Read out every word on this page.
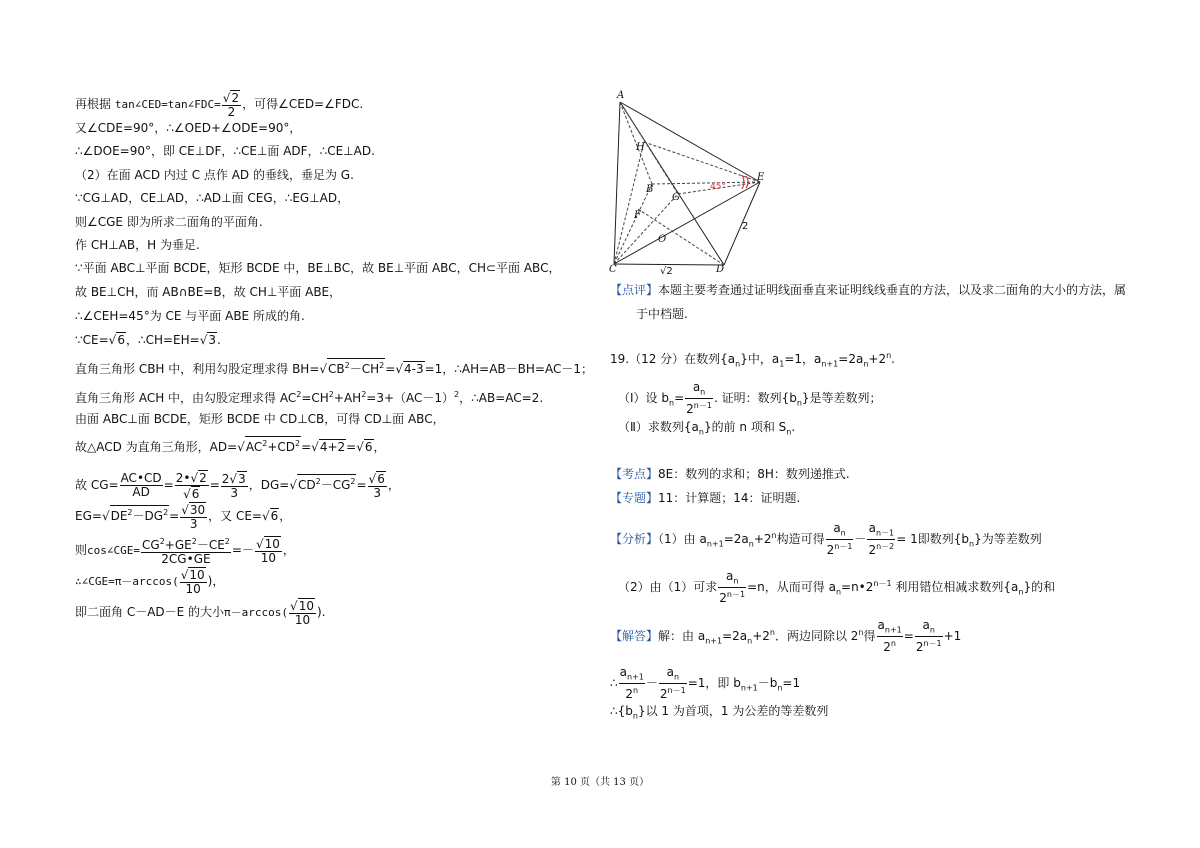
再根据 tan∠CED=tan∠FDC= $\frac{√2}{2}$ ，可得∠CED=∠FDC.
又∠CDE=90°，∴∠OED+∠ODE=90°，
∴∠DOE=90°，即 CE⊥DF，∴CE⊥面 ADF，∴CE⊥AD.
（2）在面 ACD 内过 C 点作 AD 的垂线，垂足为 G.
∵CG⊥AD，CE⊥AD，∴AD⊥面 CEG，∴EG⊥AD，
则∠CGE 即为所求二面角的平面角.
作 CH⊥AB，H 为垂足.
∵平面 ABC⊥平面 BCDE，矩形 BCDE 中，BE⊥BC，故 BE⊥平面 ABC，CH⊂平面 ABC，
故 BE⊥CH，而 AB∩BE=B，故 CH⊥平面 ABE，
∴∠CEH=45°为 CE 与平面 ABE 所成的角.
∵CE=√6，∴CH=EH=√3.
直角三角形 CBH 中，利用勾股定理求得 $BH=√CB^2-CH^2=√4-3=1$，∴AH=AB－BH=AC－1；
直角三角形 ACH 中，由勾股定理求得 $AC^2=CH^2+AH^2=3+(AC-1)^2$，∴AB=AC=2.
由面 ABC⊥面 BCDE，矩形 BCDE 中 CD⊥CB，可得 CD⊥面 ABC，
故△ACD 为直角三角形，$AD=√AC^2+CD^2=√4+2=√6$，
故 $CG= \frac{AC•CD}{AD} = \frac{2•√2}{√6} = \frac{2√3}{3}$ ，$DG=√CD^2-CG^2= \frac{√6}{3}$ ，
$EG=√DE^2-DG^2= \frac{√30}{3}$ ，又 CE=√6，
则cos∠CGE= $\frac{CG^2+GE^2-CE^2}{2CG•GE} =- \frac{√10}{10}$ ，
∴∠CGE=π－arccos( $\frac{√10}{10}$ )，
即二面角 C－AD－E 的大小$\pi-\arccos( \frac{√10}{10}$ ).
A
H
B
G
E
F
O
C	D
45°
2
√2
【点评】本题主要考查通过证明线面垂直来证明线线垂直的方法，以及求二面角的大小的方法，属
于中档题.
19.（12 分）在数列$\{a_n\}$中，$a_1=1$，$a_{n+1}=2a_n+2^n$.
（Ⅰ）设 $b_n= \frac{a_n}{2^{n-1}}$ . 证明：数列$\{b_n\}$是等差数列；
（Ⅱ）求数列$\{a_n\}$的前 n 项和 $S_n$.
【考点】8E：数列的求和；8H：数列递推式.
【专题】11：计算题；14：证明题.
【分析】（1）由 $a_{n+1}=2a_n+2^n$构造可得 $\frac{a_n}{2^{n-1}} - \frac{a_{n-1}}{2^{n-2}} = 1$即数列$\{b_n\}$为等差数列
（2）由（1）可求 $\frac{a_n}{2^{n-1}} =n$，从而可得 $a_n=n•2^{n-1}$ 利用错位相减求数列$\{a_n\}$的和
【解答】解：由 $a_{n+1}=2a_n+2^n$．两边同除以 2$^n$得 $\frac{a_{n+1}}{2^n} = \frac{a_n}{2^{n-1}} +1$
∴ $\frac{a_{n+1}}{2^n} - \frac{a_n}{2^{n-1}} =1$，即 $b_{n+1}-b_n=1$
$\therefore\{b_n\}$以 1 为首项，1 为公差的等差数列
第 10 页（共 13 页）
